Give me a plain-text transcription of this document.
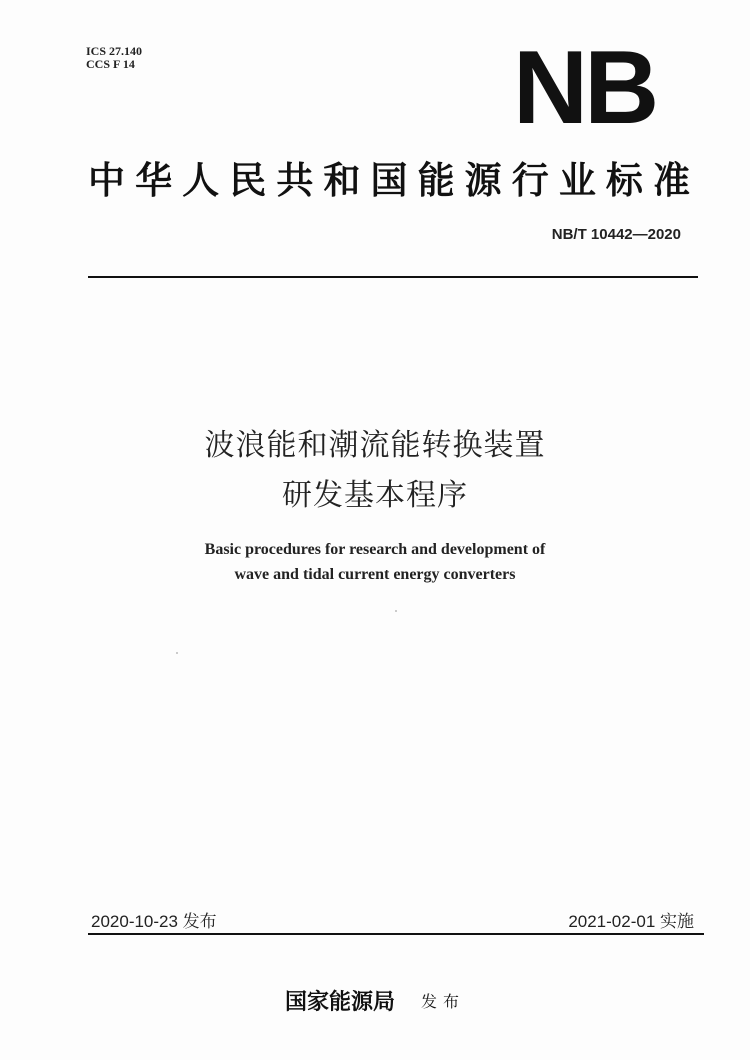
ICS 27.140
CCS F 14	NB
中华人民共和国能源行业标准
NB/T 10442—2020
波浪能和潮流能转换装置
研发基本程序
Basic procedures for research and development of
wave and tidal current energy converters
2020-10-23 发布	2021-02-01 实施
国家能源局 发布
